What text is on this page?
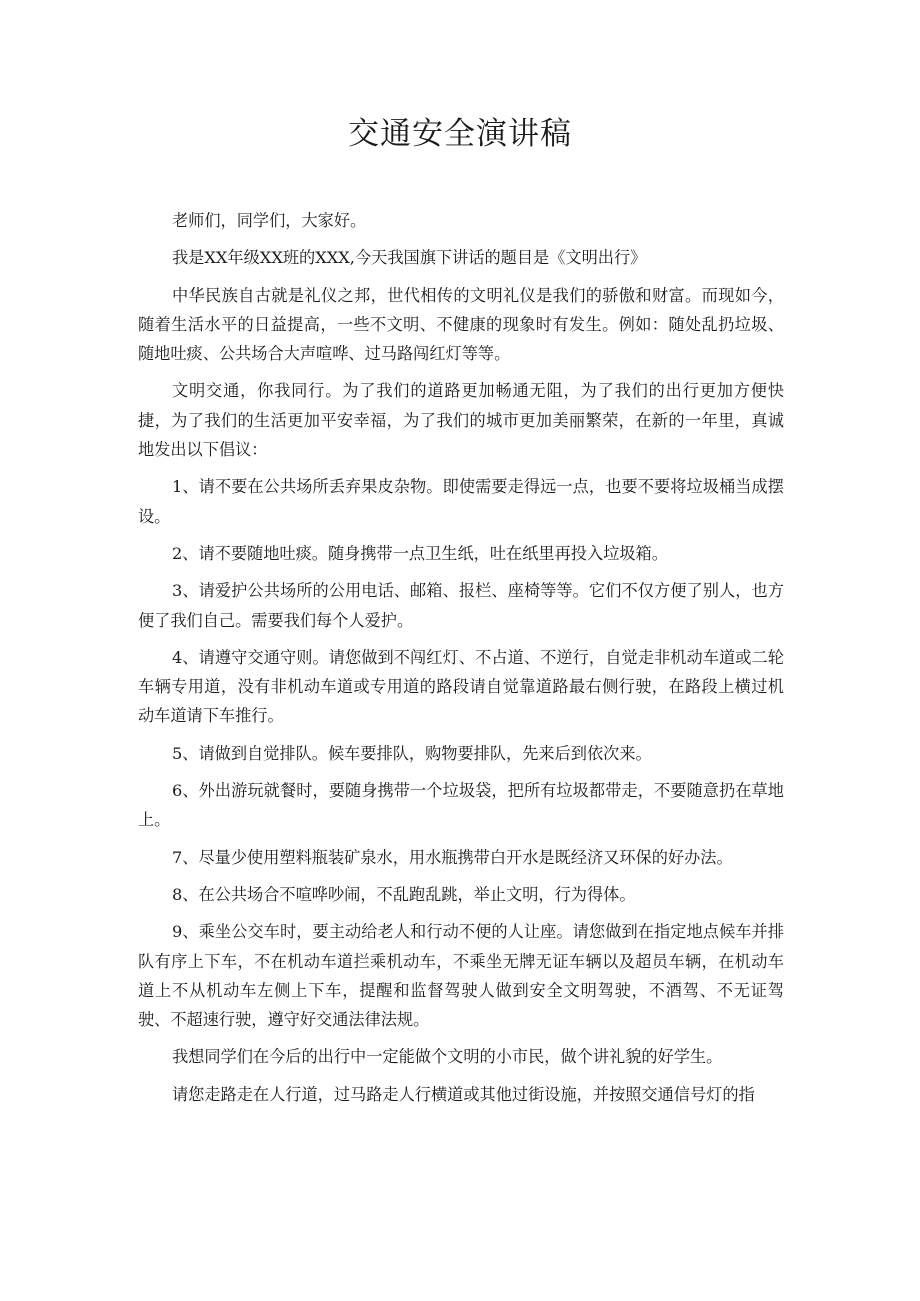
交通安全演讲稿

老师们，同学们，大家好。

我是XX年级XX班的XXX,今天我国旗下讲话的题目是《文明出行》

中华民族自古就是礼仪之邦，世代相传的文明礼仪是我们的骄傲和财富。而现如今，随着生活水平的日益提高，一些不文明、不健康的现象时有发生。例如：随处乱扔垃圾、随地吐痰、公共场合大声喧哗、过马路闯红灯等等。

文明交通，你我同行。为了我们的道路更加畅通无阻，为了我们的出行更加方便快捷，为了我们的生活更加平安幸福，为了我们的城市更加美丽繁荣，在新的一年里，真诚地发出以下倡议：

1、请不要在公共场所丢弃果皮杂物。即使需要走得远一点，也要不要将垃圾桶当成摆设。

2、请不要随地吐痰。随身携带一点卫生纸，吐在纸里再投入垃圾箱。

3、请爱护公共场所的公用电话、邮箱、报栏、座椅等等。它们不仅方便了别人，也方便了我们自己。需要我们每个人爱护。

4、请遵守交通守则。请您做到不闯红灯、不占道、不逆行，自觉走非机动车道或二轮车辆专用道，没有非机动车道或专用道的路段请自觉靠道路最右侧行驶，在路段上横过机动车道请下车推行。

5、请做到自觉排队。候车要排队，购物要排队，先来后到依次来。

6、外出游玩就餐时，要随身携带一个垃圾袋，把所有垃圾都带走，不要随意扔在草地上。

7、尽量少使用塑料瓶装矿泉水，用水瓶携带白开水是既经济又环保的好办法。

8、在公共场合不喧哗吵闹，不乱跑乱跳，举止文明，行为得体。

9、乘坐公交车时，要主动给老人和行动不便的人让座。请您做到在指定地点候车并排队有序上下车，不在机动车道拦乘机动车，不乘坐无牌无证车辆以及超员车辆，在机动车道上不从机动车左侧上下车，提醒和监督驾驶人做到安全文明驾驶，不酒驾、不无证驾驶、不超速行驶，遵守好交通法律法规。

我想同学们在今后的出行中一定能做个文明的小市民，做个讲礼貌的好学生。

请您走路走在人行道，过马路走人行横道或其他过街设施，并按照交通信号灯的指
